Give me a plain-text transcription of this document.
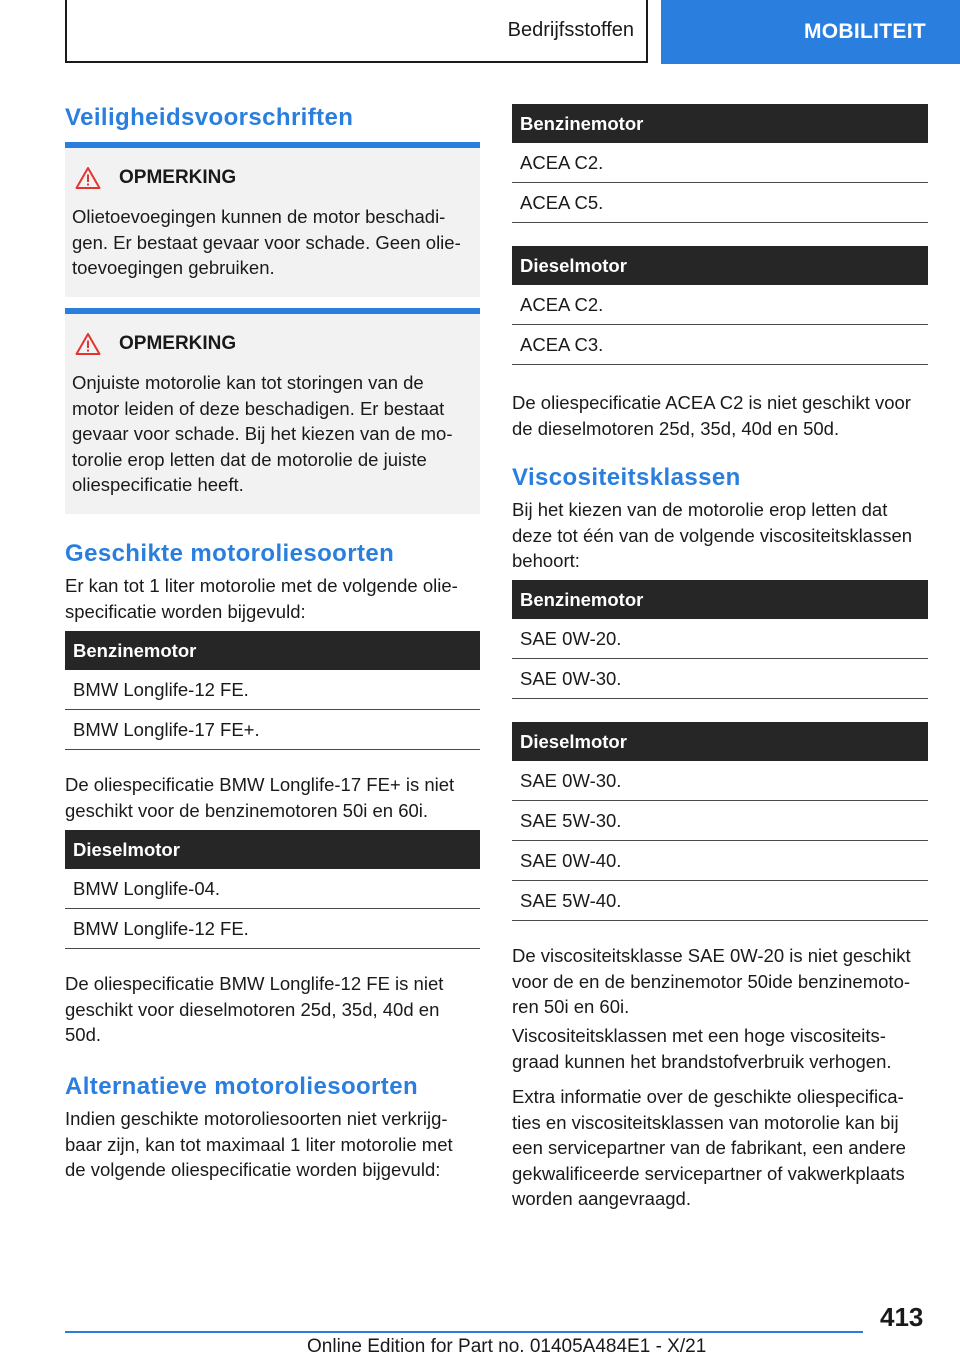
Bedrijfsstoffen	MOBILITEIT
Veiligheidsvoorschriften
OPMERKING
Olietoevoegingen kunnen de motor beschadi-
gen. Er bestaat gevaar voor schade. Geen olie-
toevoegingen gebruiken.
OPMERKING
Onjuiste motorolie kan tot storingen van de
motor leiden of deze beschadigen. Er bestaat
gevaar voor schade. Bij het kiezen van de mo-
torolie erop letten dat de motorolie de juiste
oliespecificatie heeft.
Geschikte motoroliesoorten

Er kan tot 1 liter motorolie met de volgende olie-
specificatie worden bijgevuld:

Benzinemotor
BMW Longlife-12 FE.
BMW Longlife-17 FE+.

De oliespecificatie BMW Longlife-17 FE+ is niet
geschikt voor de benzinemotoren 50i en 60i.

Dieselmotor
BMW Longlife-04.
BMW Longlife-12 FE.

De oliespecificatie BMW Longlife-12 FE is niet
geschikt voor dieselmotoren 25d, 35d, 40d en
50d.

Alternatieve motoroliesoorten

Indien geschikte motoroliesoorten niet verkrijg-
baar zijn, kan tot maximaal 1 liter motorolie met
de volgende oliespecificatie worden bijgevuld:

Benzinemotor
ACEA C2.
ACEA C5.
Dieselmotor
ACEA C2.
ACEA C3.

De oliespecificatie ACEA C2 is niet geschikt voor
de dieselmotoren 25d, 35d, 40d en 50d.

Viscositeitsklassen

Bij het kiezen van de motorolie erop letten dat
deze tot één van de volgende viscositeitsklassen
behoort:

Benzinemotor
SAE 0W-20.
SAE 0W-30.
Dieselmotor
SAE 0W-30.
SAE 5W-30.
SAE 0W-40.
SAE 5W-40.

De viscositeitsklasse SAE 0W-20 is niet geschikt
voor de en de benzinemotor 50ide benzinemoto-
ren 50i en 60i.

Viscositeitsklassen met een hoge viscositeits-
graad kunnen het brandstofverbruik verhogen.

Extra informatie over de geschikte oliespecifica-
ties en viscositeitsklassen van motorolie kan bij
een servicepartner van de fabrikant, een andere
gekwalificeerde servicepartner of vakwerkplaats
worden aangevraagd.

413
Online Edition for Part no. 01405A484E1 - X/21
